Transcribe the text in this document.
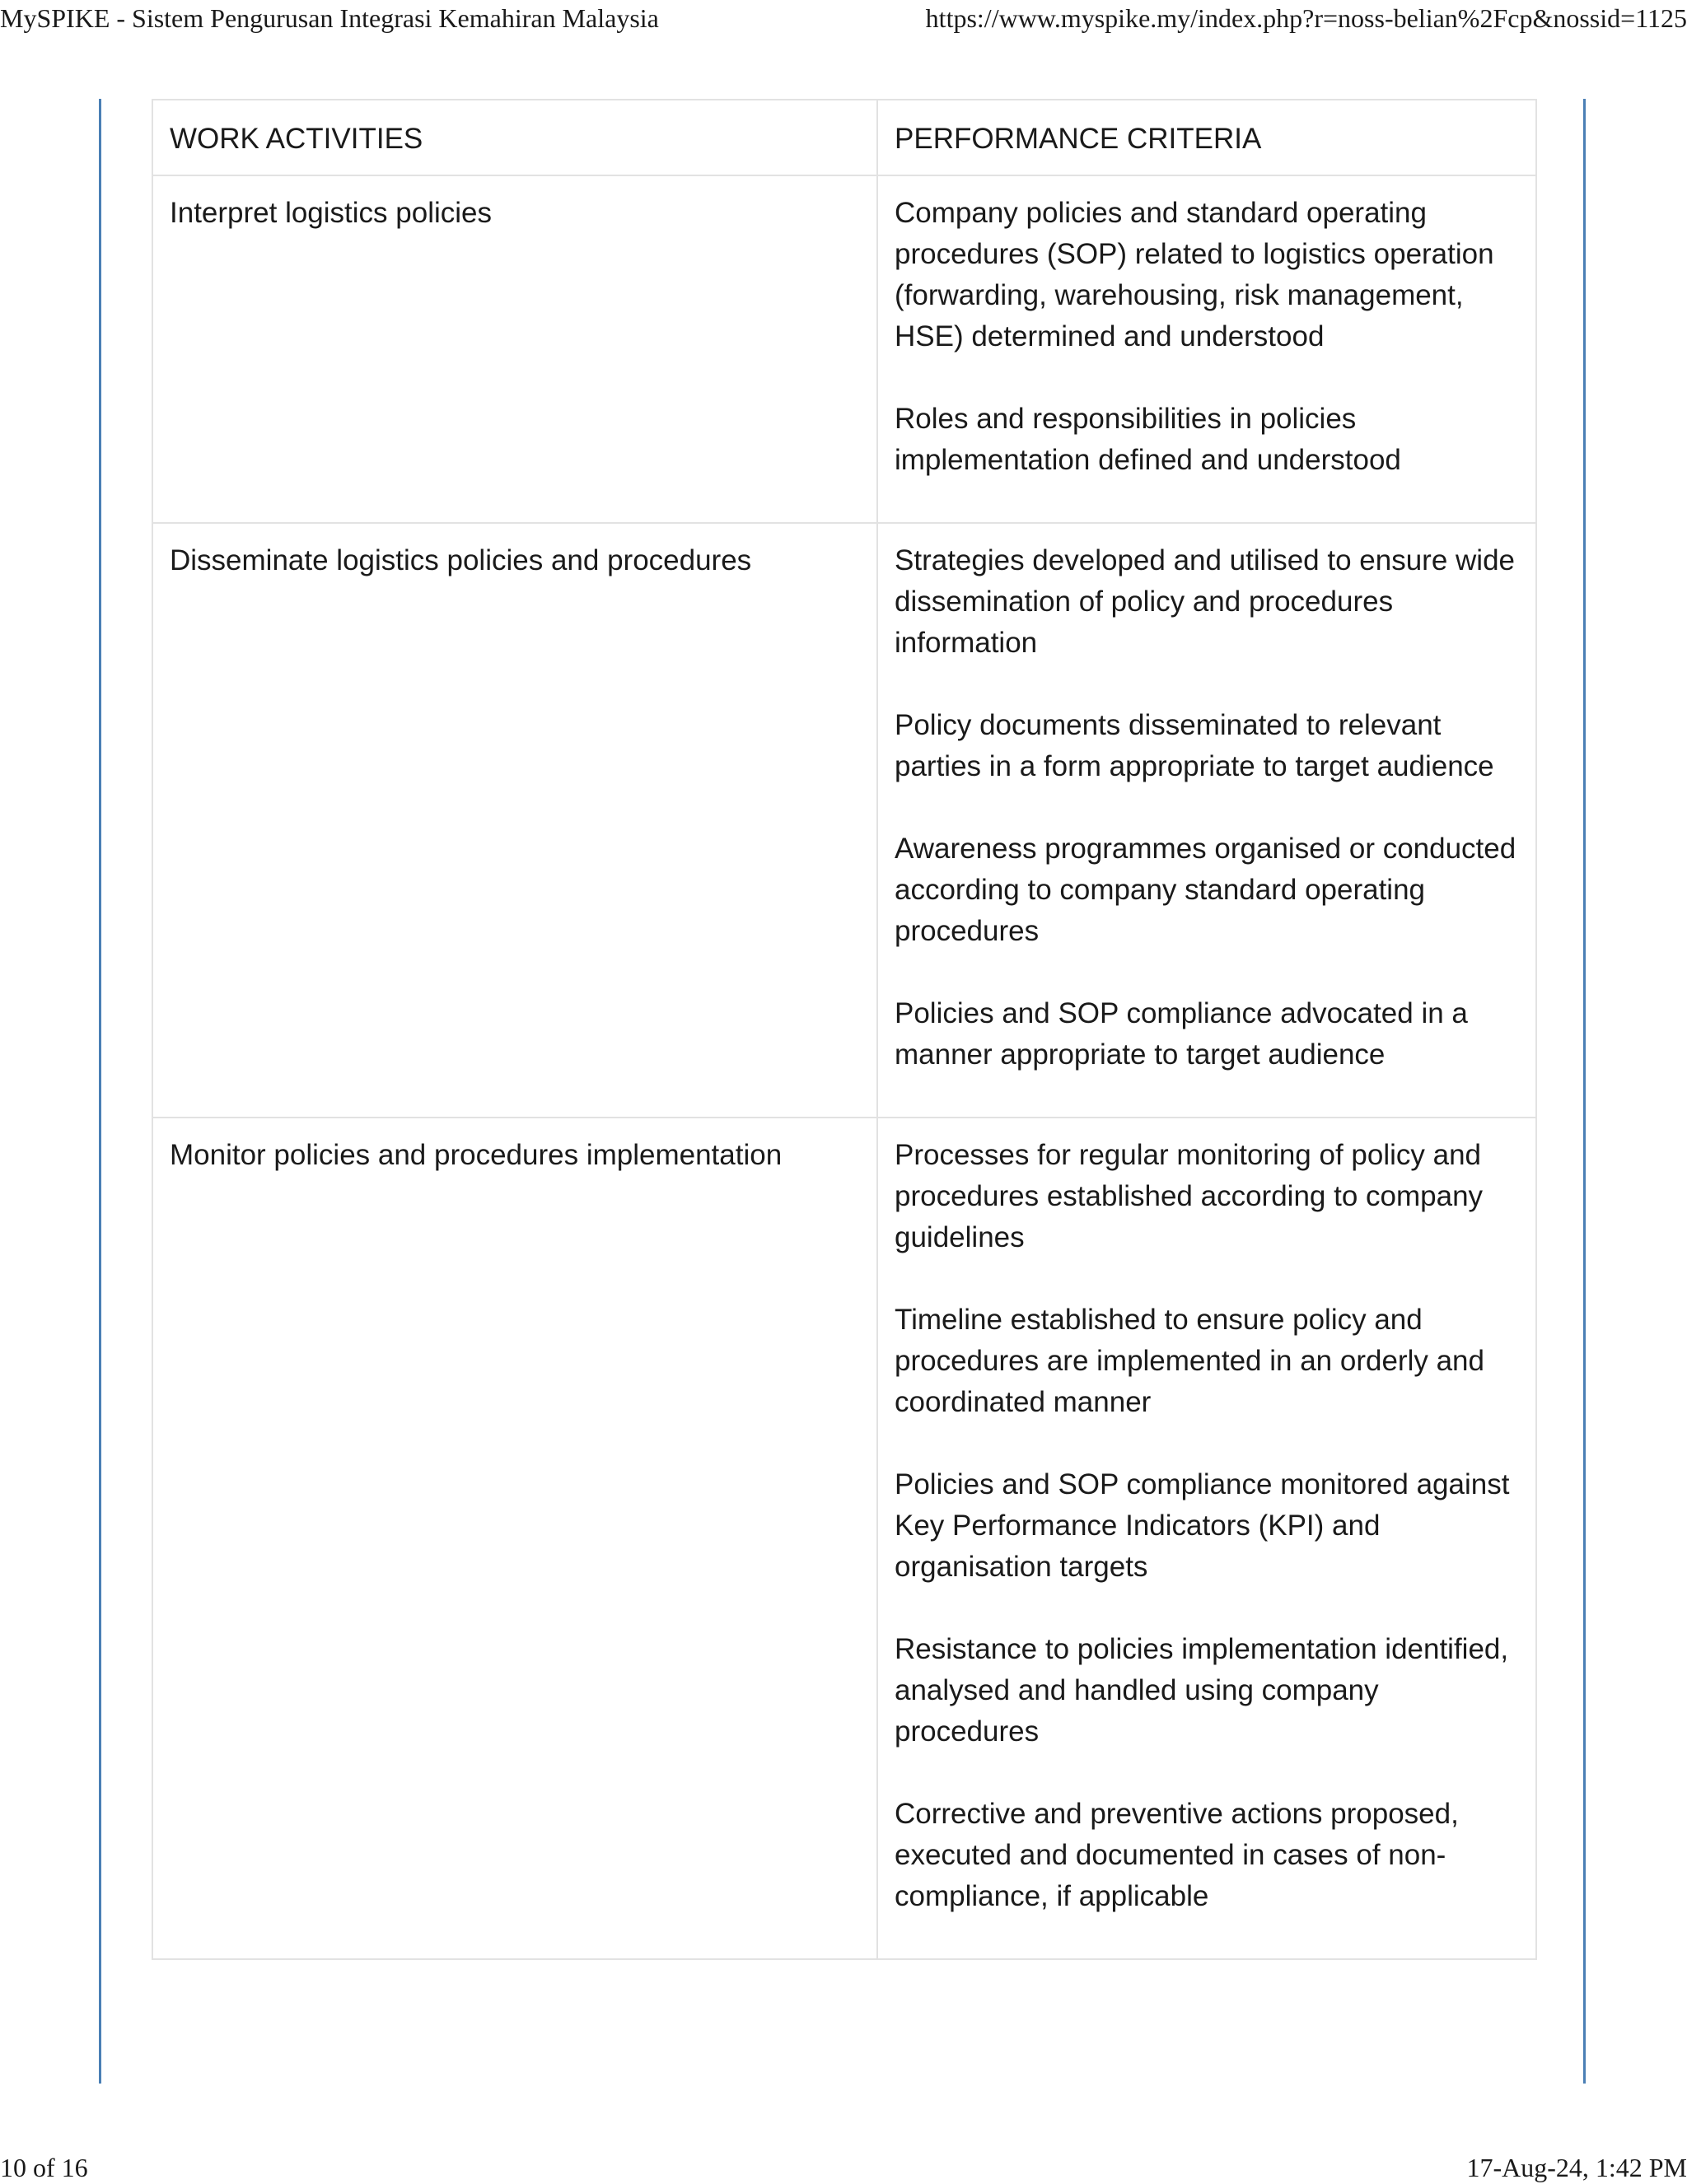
MySPIKE - Sistem Pengurusan Integrasi Kemahiran Malaysia	https://www.myspike.my/index.php?r=noss-belian%2Fcp&nossid=1125
WORK ACTIVITIES	PERFORMANCE CRITERIA
Interpret logistics policies	Company policies and standard operating procedures (SOP) related to logistics operation (forwarding, warehousing, risk management, HSE) determined and understood
Roles and responsibilities in policies implementation defined and understood

Disseminate logistics policies and procedures	Strategies developed and utilised to ensure wide dissemination of policy and procedures information
Policy documents disseminated to relevant parties in a form appropriate to target audience
Awareness programmes organised or conducted according to company standard operating procedures
Policies and SOP compliance advocated in a manner appropriate to target audience

Monitor policies and procedures implementation	Processes for regular monitoring of policy and procedures established according to company guidelines
Timeline established to ensure policy and procedures are implemented in an orderly and coordinated manner
Policies and SOP compliance monitored against Key Performance Indicators (KPI) and organisation targets
Resistance to policies implementation identified, analysed and handled using company procedures
Corrective and preventive actions proposed, executed and documented in cases of non-compliance, if applicable
10 of 16	17-Aug-24, 1:42 PM
